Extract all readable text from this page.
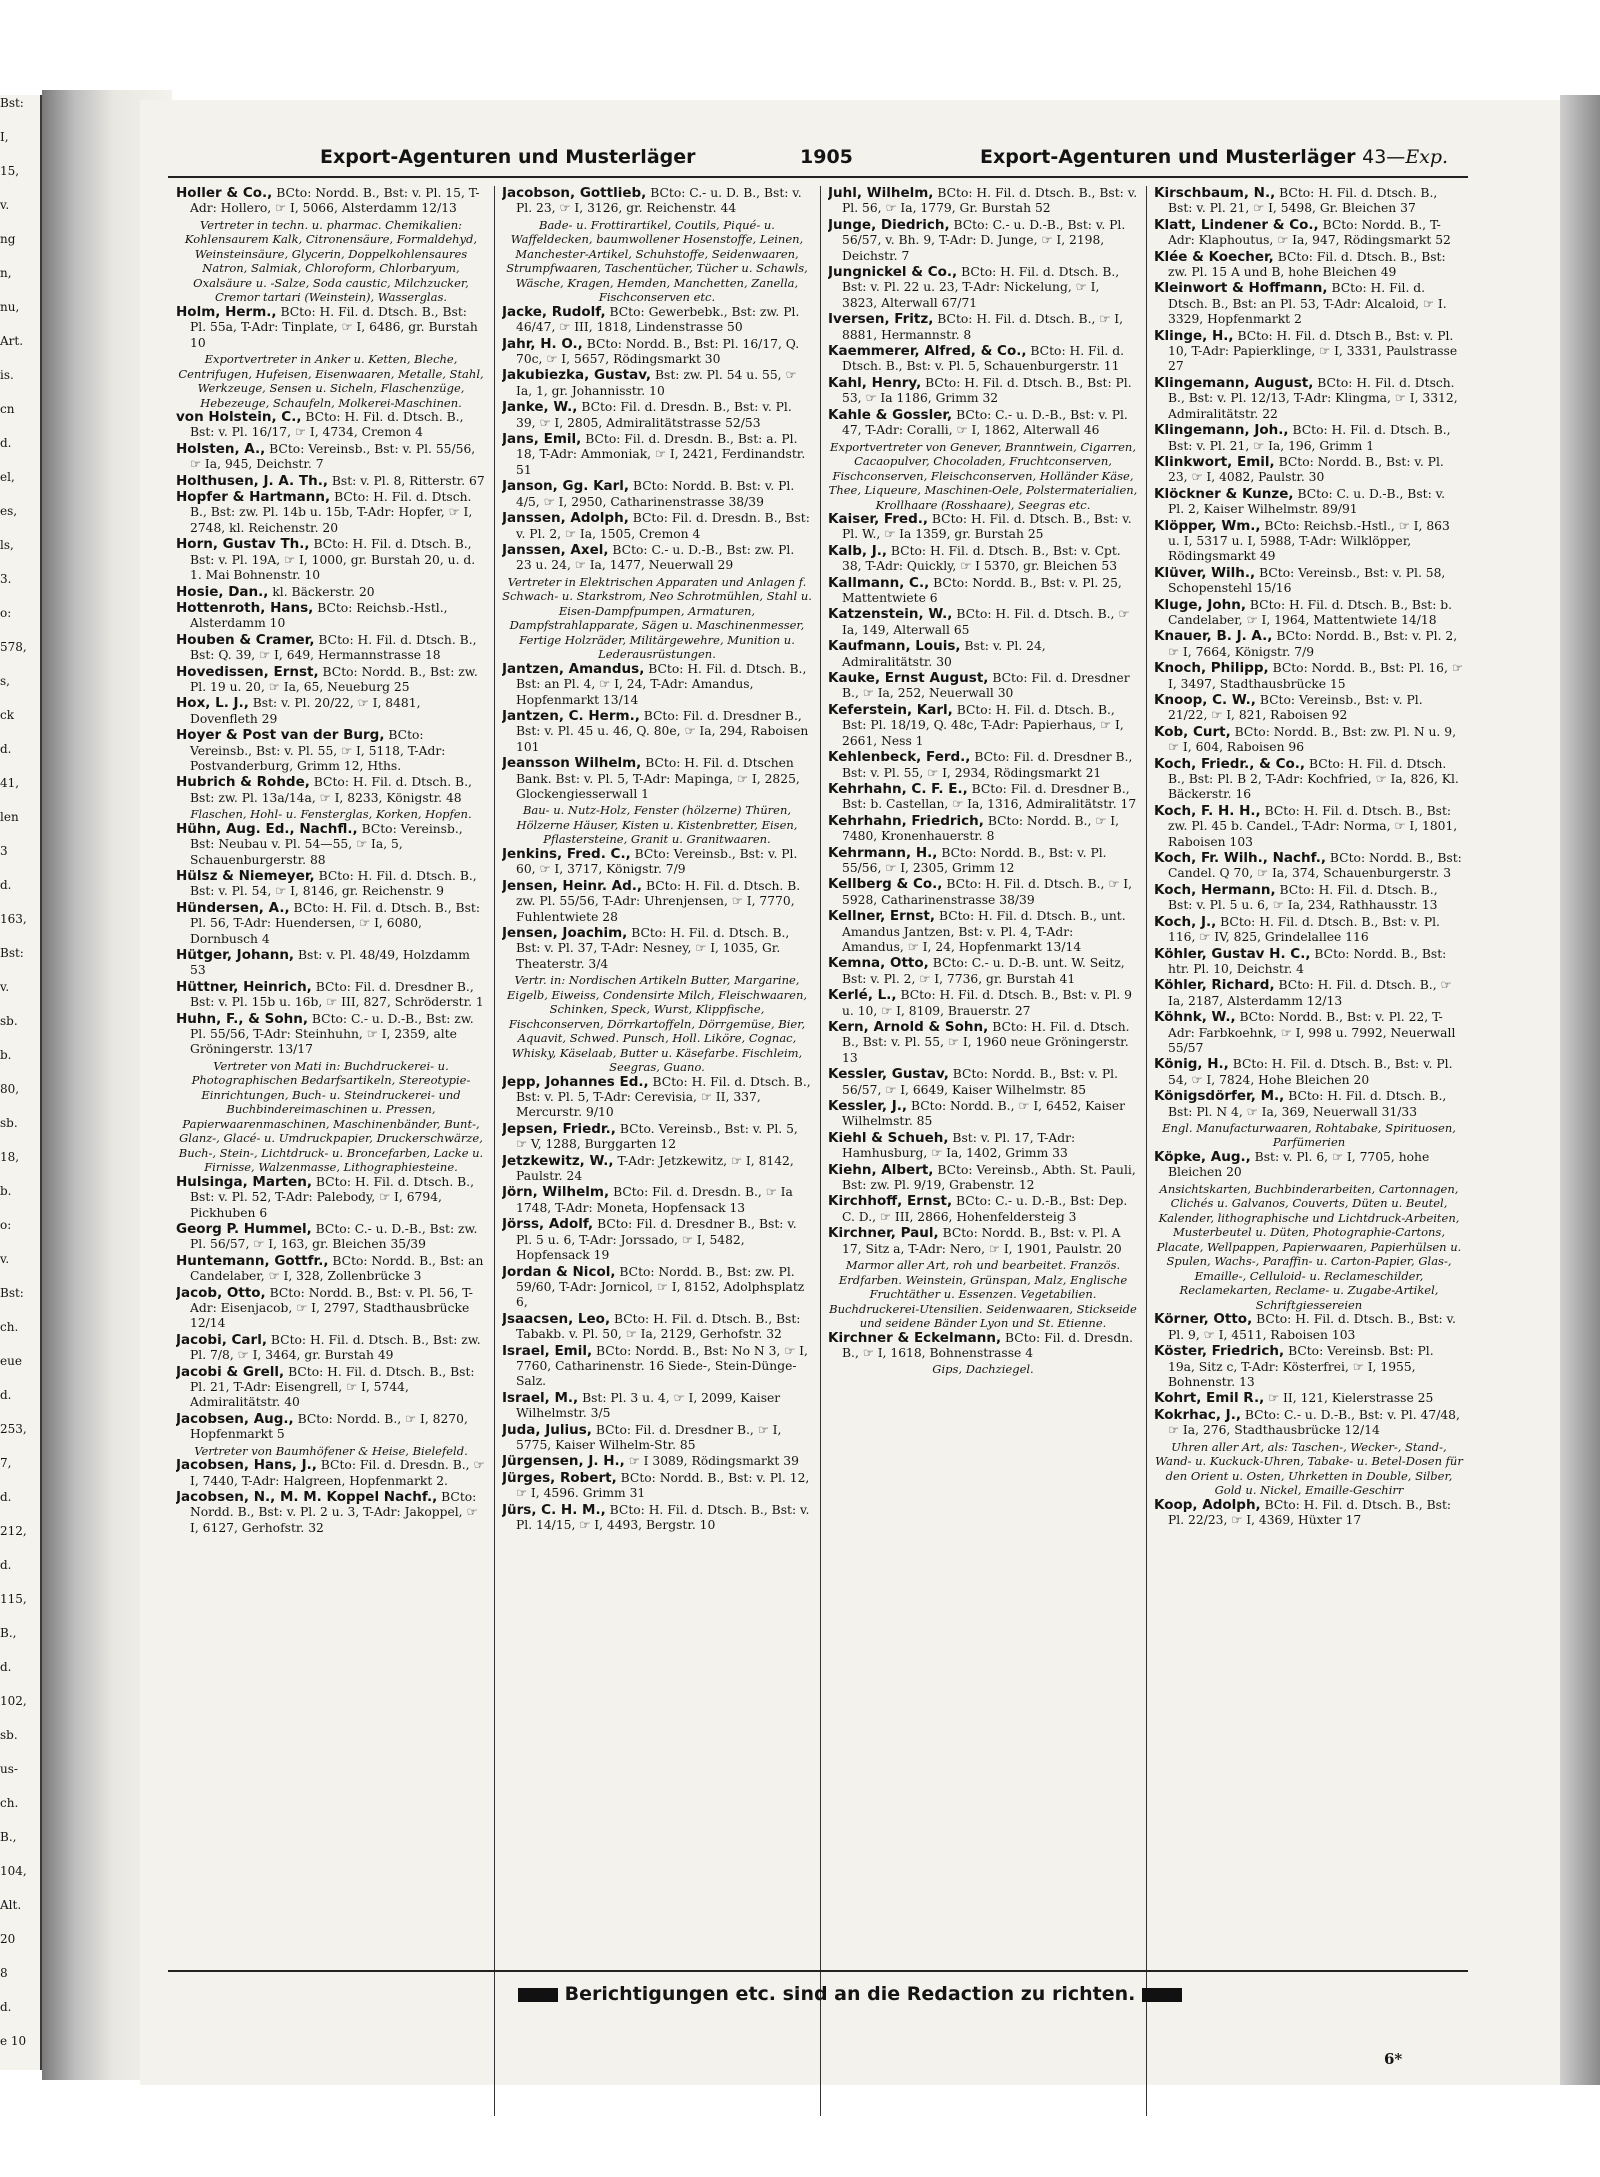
Bst:
I,
15,
v.
ng
n,
nu,
Art.
is.
cn
d.
el,
es,
ls,
3.
o:
578,
s,
ck
d.
41,
len
3
d.
163,
Bst:
v.
sb.
b.
80,
sb.
18,
b.
o:
v.
Bst:
ch.
eue
d.
253,
7,
d.
212,
d.
115,
B.,
d.
102,
sb.
us-
ch.
B.,
104,
Alt.
20
8
d.
e 10
Export-Agenturen und Musterläger	1905	Export-Agenturen und Musterläger 43—Exp.
Holler & Co., BCto: Nordd. B., Bst: v. Pl. 15, T-Adr: Hollero, ☞ I, 5066, Alsterdamm 12/13
Vertreter in techn. u. pharmac. Chemikalien: Kohlensaurem Kalk, Citronensäure, Formaldehyd, Weinsteinsäure, Glycerin, Doppelkohlensaures Natron, Salmiak, Chloroform, Chlorbaryum, Oxalsäure u. -Salze, Soda caustic, Milchzucker, Cremor tartari (Weinstein), Wasserglas.
Holm, Herm., BCto: H. Fil. d. Dtsch. B., Bst: Pl. 55a, T-Adr: Tinplate, ☞ I, 6486, gr. Burstah 10
Exportvertreter in Anker u. Ketten, Bleche, Centrifugen, Hufeisen, Eisenwaaren, Metalle, Stahl, Werkzeuge, Sensen u. Sicheln, Flaschenzüge, Hebezeuge, Schaufeln, Molkerei-Maschinen.
von Holstein, C., BCto: H. Fil. d. Dtsch. B., Bst: v. Pl. 16/17, ☞ I, 4734, Cremon 4
Holsten, A., BCto: Vereinsb., Bst: v. Pl. 55/56, ☞ Ia, 945, Deichstr. 7
Holthusen, J. A. Th., Bst: v. Pl. 8, Ritterstr. 67
Hopfer & Hartmann, BCto: H. Fil. d. Dtsch. B., Bst: zw. Pl. 14b u. 15b, T-Adr: Hopfer, ☞ I, 2748, kl. Reichenstr. 20
Horn, Gustav Th., BCto: H. Fil. d. Dtsch. B., Bst: v. Pl. 19A, ☞ I, 1000, gr. Burstah 20, u. d. 1. Mai Bohnenstr. 10
Hosie, Dan., kl. Bäckerstr. 20
Hottenroth, Hans, BCto: Reichsb.-Hstl., Alsterdamm 10
Houben & Cramer, BCto: H. Fil. d. Dtsch. B., Bst: Q. 39, ☞ I, 649, Hermannstrasse 18
Hovedissen, Ernst, BCto: Nordd. B., Bst: zw. Pl. 19 u. 20, ☞ Ia, 65, Neueburg 25
Hox, L. J., Bst: v. Pl. 20/22, ☞ I, 8481, Dovenfleth 29
Hoyer & Post van der Burg, BCto: Vereinsb., Bst: v. Pl. 55, ☞ I, 5118, T-Adr: Postvanderburg, Grimm 12, Hths.
Hubrich & Rohde, BCto: H. Fil. d. Dtsch. B., Bst: zw. Pl. 13a/14a, ☞ I, 8233, Königstr. 48
Flaschen, Hohl- u. Fensterglas, Korken, Hopfen.
Hühn, Aug. Ed., Nachfl., BCto: Vereinsb., Bst: Neubau v. Pl. 54—55, ☞ Ia, 5, Schauenburgerstr. 88
Hülsz & Niemeyer, BCto: H. Fil. d. Dtsch. B., Bst: v. Pl. 54, ☞ I, 8146, gr. Reichenstr. 9
Hündersen, A., BCto: H. Fil. d. Dtsch. B., Bst: Pl. 56, T-Adr: Huendersen, ☞ I, 6080, Dornbusch 4
Hütger, Johann, Bst: v. Pl. 48/49, Holzdamm 53
Hüttner, Heinrich, BCto: Fil. d. Dresdner B., Bst: v. Pl. 15b u. 16b, ☞ III, 827, Schröderstr. 1
Huhn, F., & Sohn, BCto: C.- u. D.-B., Bst: zw. Pl. 55/56, T-Adr: Steinhuhn, ☞ I, 2359, alte Gröningerstr. 13/17
Vertreter von Mati in: Buchdruckerei- u. Photographischen Bedarfsartikeln, Stereotypie-Einrichtungen, Buch- u. Steindruckerei- und Buchbindereimaschinen u. Pressen, Papierwaarenmaschinen, Maschinenbänder, Bunt-, Glanz-, Glacé- u. Umdruckpapier, Druckerschwärze, Buch-, Stein-, Lichtdruck- u. Broncefarben, Lacke u. Firnisse, Walzenmasse, Lithographiesteine.
Hulsinga, Marten, BCto: H. Fil. d. Dtsch. B., Bst: v. Pl. 52, T-Adr: Palebody, ☞ I, 6794, Pickhuben 6
Georg P. Hummel, BCto: C.- u. D.-B., Bst: zw. Pl. 56/57, ☞ I, 163, gr. Bleichen 35/39
Huntemann, Gottfr., BCto: Nordd. B., Bst: an Candelaber, ☞ I, 328, Zollenbrücke 3
Jacob, Otto, BCto: Nordd. B., Bst: v. Pl. 56, T-Adr: Eisenjacob, ☞ I, 2797, Stadthausbrücke 12/14
Jacobi, Carl, BCto: H. Fil. d. Dtsch. B., Bst: zw. Pl. 7/8, ☞ I, 3464, gr. Burstah 49
Jacobi & Grell, BCto: H. Fil. d. Dtsch. B., Bst: Pl. 21, T-Adr: Eisengrell, ☞ I, 5744, Admiralitätstr. 40
Jacobsen, Aug., BCto: Nordd. B., ☞ I, 8270, Hopfenmarkt 5
Vertreter von Baumhöfener & Heise, Bielefeld.
Jacobsen, Hans, J., BCto: Fil. d. Dresdn. B., ☞ I, 7440, T-Adr: Halgreen, Hopfenmarkt 2.
Jacobsen, N., M. M. Koppel Nachf., BCto: Nordd. B., Bst: v. Pl. 2 u. 3, T-Adr: Jakoppel, ☞ I, 6127, Gerhofstr. 32
Jacobson, Gottlieb, BCto: C.- u. D. B., Bst: v. Pl. 23, ☞ I, 3126, gr. Reichenstr. 44
Bade- u. Frottirartikel, Coutils, Piqué- u. Waffeldecken, baumwollener Hosenstoffe, Leinen, Manchester-Artikel, Schuhstoffe, Seidenwaaren, Strumpfwaaren, Taschentücher, Tücher u. Schawls, Wäsche, Kragen, Hemden, Manchetten, Zanella, Fischconserven etc.
Jacke, Rudolf, BCto: Gewerbebk., Bst: zw. Pl. 46/47, ☞ III, 1818, Lindenstrasse 50
Jahr, H. O., BCto: Nordd. B., Bst: Pl. 16/17, Q. 70c, ☞ I, 5657, Rödingsmarkt 30
Jakubiezka, Gustav, Bst: zw. Pl. 54 u. 55, ☞ Ia, 1, gr. Johannisstr. 10
Janke, W., BCto: Fil. d. Dresdn. B., Bst: v. Pl. 39, ☞ I, 2805, Admiralitätstrasse 52/53
Jans, Emil, BCto: Fil. d. Dresdn. B., Bst: a. Pl. 18, T-Adr: Ammoniak, ☞ I, 2421, Ferdinandstr. 51
Janson, Gg. Karl, BCto: Nordd. B. Bst: v. Pl. 4/5, ☞ I, 2950, Catharinenstrasse 38/39
Janssen, Adolph, BCto: Fil. d. Dresdn. B., Bst: v. Pl. 2, ☞ Ia, 1505, Cremon 4
Janssen, Axel, BCto: C.- u. D.-B., Bst: zw. Pl. 23 u. 24, ☞ Ia, 1477, Neuerwall 29
Vertreter in Elektrischen Apparaten und Anlagen f. Schwach- u. Starkstrom, Neo Schrotmühlen, Stahl u. Eisen-Dampfpumpen, Armaturen, Dampfstrahlapparate, Sägen u. Maschinenmesser, Fertige Holzräder, Militärgewehre, Munition u. Lederausrüstungen.
Jantzen, Amandus, BCto: H. Fil. d. Dtsch. B., Bst: an Pl. 4, ☞ I, 24, T-Adr: Amandus, Hopfenmarkt 13/14
Jantzen, C. Herm., BCto: Fil. d. Dresdner B., Bst: v. Pl. 45 u. 46, Q. 80e, ☞ Ia, 294, Raboisen 101
Jeansson Wilhelm, BCto: H. Fil. d. Dtschen Bank. Bst: v. Pl. 5, T-Adr: Mapinga, ☞ I, 2825, Glockengiesserwall 1
Bau- u. Nutz-Holz, Fenster (hölzerne) Thüren, Hölzerne Häuser, Kisten u. Kistenbretter, Eisen, Pflastersteine, Granit u. Granitwaaren.
Jenkins, Fred. C., BCto: Vereinsb., Bst: v. Pl. 60, ☞ I, 3717, Königstr. 7/9
Jensen, Heinr. Ad., BCto: H. Fil. d. Dtsch. B. zw. Pl. 55/56, T-Adr: Uhrenjensen, ☞ I, 7770, Fuhlentwiete 28
Jensen, Joachim, BCto: H. Fil. d. Dtsch. B., Bst: v. Pl. 37, T-Adr: Nesney, ☞ I, 1035, Gr. Theaterstr. 3/4
Vertr. in: Nordischen Artikeln Butter, Margarine, Eigelb, Eiweiss, Condensirte Milch, Fleischwaaren, Schinken, Speck, Wurst, Klippfische, Fischconserven, Dörrkartoffeln, Dörrgemüse, Bier, Aquavit, Schwed. Punsch, Holl. Liköre, Cognac, Whisky, Käselaab, Butter u. Käsefarbe. Fischleim, Seegras, Guano.
Jepp, Johannes Ed., BCto: H. Fil. d. Dtsch. B., Bst: v. Pl. 5, T-Adr: Cerevisia, ☞ II, 337, Mercurstr. 9/10
Jepsen, Friedr., BCto. Vereinsb., Bst: v. Pl. 5, ☞ V, 1288, Burggarten 12
Jetzkewitz, W., T-Adr: Jetzkewitz, ☞ I, 8142, Paulstr. 24
Jörn, Wilhelm, BCto: Fil. d. Dresdn. B., ☞ Ia 1748, T-Adr: Moneta, Hopfensack 13
Jörss, Adolf, BCto: Fil. d. Dresdner B., Bst: v. Pl. 5 u. 6, T-Adr: Jorssado, ☞ I, 5482, Hopfensack 19
Jordan & Nicol, BCto: Nordd. B., Bst: zw. Pl. 59/60, T-Adr: Jornicol, ☞ I, 8152, Adolphsplatz 6,
Jsaacsen, Leo, BCto: H. Fil. d. Dtsch. B., Bst: Tabakb. v. Pl. 50, ☞ Ia, 2129, Gerhofstr. 32
Israel, Emil, BCto: Nordd. B., Bst: No N 3, ☞ I, 7760, Catharinenstr. 16 Siede-, Stein-Dünge-Salz.
Israel, M., Bst: Pl. 3 u. 4, ☞ I, 2099, Kaiser Wilhelmstr. 3/5
Juda, Julius, BCto: Fil. d. Dresdner B., ☞ I, 5775, Kaiser Wilhelm-Str. 85
Jürgensen, J. H., ☞ I 3089, Rödingsmarkt 39
Jürges, Robert, BCto: Nordd. B., Bst: v. Pl. 12, ☞ I, 4596. Grimm 31
Jürs, C. H. M., BCto: H. Fil. d. Dtsch. B., Bst: v. Pl. 14/15, ☞ I, 4493, Bergstr. 10
Juhl, Wilhelm, BCto: H. Fil. d. Dtsch. B., Bst: v. Pl. 56, ☞ Ia, 1779, Gr. Burstah 52
Junge, Diedrich, BCto: C.- u. D.-B., Bst: v. Pl. 56/57, v. Bh. 9, T-Adr: D. Junge, ☞ I, 2198, Deichstr. 7
Jungnickel & Co., BCto: H. Fil. d. Dtsch. B., Bst: v. Pl. 22 u. 23, T-Adr: Nickelung, ☞ I, 3823, Alterwall 67/71
Iversen, Fritz, BCto: H. Fil. d. Dtsch. B., ☞ I, 8881, Hermannstr. 8
Kaemmerer, Alfred, & Co., BCto: H. Fil. d. Dtsch. B., Bst: v. Pl. 5, Schauenburgerstr. 11
Kahl, Henry, BCto: H. Fil. d. Dtsch. B., Bst: Pl. 53, ☞ Ia 1186, Grimm 32
Kahle & Gossler, BCto: C.- u. D.-B., Bst: v. Pl. 47, T-Adr: Coralli, ☞ I, 1862, Alterwall 46
Exportvertreter von Genever, Branntwein, Cigarren, Cacaopulver, Chocoladen, Fruchtconserven, Fischconserven, Fleischconserven, Holländer Käse, Thee, Liqueure, Maschinen-Oele, Polstermaterialien, Krollhaare (Rosshaare), Seegras etc.
Kaiser, Fred., BCto: H. Fil. d. Dtsch. B., Bst: v. Pl. W., ☞ Ia 1359, gr. Burstah 25
Kalb, J., BCto: H. Fil. d. Dtsch. B., Bst: v. Cpt. 38, T-Adr: Quickly, ☞ I 5370, gr. Bleichen 53
Kallmann, C., BCto: Nordd. B., Bst: v. Pl. 25, Mattentwiete 6
Katzenstein, W., BCto: H. Fil. d. Dtsch. B., ☞ Ia, 149, Alterwall 65
Kaufmann, Louis, Bst: v. Pl. 24, Admiralitätstr. 30
Kauke, Ernst August, BCto: Fil. d. Dresdner B., ☞ Ia, 252, Neuerwall 30
Keferstein, Karl, BCto: H. Fil. d. Dtsch. B., Bst: Pl. 18/19, Q. 48c, T-Adr: Papierhaus, ☞ I, 2661, Ness 1
Kehlenbeck, Ferd., BCto: Fil. d. Dresdner B., Bst: v. Pl. 55, ☞ I, 2934, Rödingsmarkt 21
Kehrhahn, C. F. E., BCto: Fil. d. Dresdner B., Bst: b. Castellan, ☞ Ia, 1316, Admiralitätstr. 17
Kehrhahn, Friedrich, BCto: Nordd. B., ☞ I, 7480, Kronenhauerstr. 8
Kehrmann, H., BCto: Nordd. B., Bst: v. Pl. 55/56, ☞ I, 2305, Grimm 12
Kellberg & Co., BCto: H. Fil. d. Dtsch. B., ☞ I, 5928, Catharinenstrasse 38/39
Kellner, Ernst, BCto: H. Fil. d. Dtsch. B., unt. Amandus Jantzen, Bst: v. Pl. 4, T-Adr: Amandus, ☞ I, 24, Hopfenmarkt 13/14
Kemna, Otto, BCto: C.- u. D.-B. unt. W. Seitz, Bst: v. Pl. 2, ☞ I, 7736, gr. Burstah 41
Kerlé, L., BCto: H. Fil. d. Dtsch. B., Bst: v. Pl. 9 u. 10, ☞ I, 8109, Brauerstr. 27
Kern, Arnold & Sohn, BCto: H. Fil. d. Dtsch. B., Bst: v. Pl. 55, ☞ I, 1960 neue Gröningerstr. 13
Kessler, Gustav, BCto: Nordd. B., Bst: v. Pl. 56/57, ☞ I, 6649, Kaiser Wilhelmstr. 85
Kessler, J., BCto: Nordd. B., ☞ I, 6452, Kaiser Wilhelmstr. 85
Kiehl & Schueh, Bst: v. Pl. 17, T-Adr: Hamhusburg, ☞ Ia, 1402, Grimm 33
Kiehn, Albert, BCto: Vereinsb., Abth. St. Pauli, Bst: zw. Pl. 9/19, Grabenstr. 12
Kirchhoff, Ernst, BCto: C.- u. D.-B., Bst: Dep. C. D., ☞ III, 2866, Hohenfeldersteig 3
Kirchner, Paul, BCto: Nordd. B., Bst: v. Pl. A 17, Sitz a, T-Adr: Nero, ☞ I, 1901, Paulstr. 20
Marmor aller Art, roh und bearbeitet. Französ. Erdfarben. Weinstein, Grünspan, Malz, Englische Fruchtäther u. Essenzen. Vegetabilien. Buchdruckerei-Utensilien. Seidenwaaren, Stickseide und seidene Bänder Lyon und St. Etienne.
Kirchner & Eckelmann, BCto: Fil. d. Dresdn. B., ☞ I, 1618, Bohnenstrasse 4
Gips, Dachziegel.
Kirschbaum, N., BCto: H. Fil. d. Dtsch. B., Bst: v. Pl. 21, ☞ I, 5498, Gr. Bleichen 37
Klatt, Lindener & Co., BCto: Nordd. B., T-Adr: Klaphoutus, ☞ Ia, 947, Rödingsmarkt 52
Klée & Koecher, BCto: Fil. d. Dtsch. B., Bst: zw. Pl. 15 A und B, hohe Bleichen 49
Kleinwort & Hoffmann, BCto: H. Fil. d. Dtsch. B., Bst: an Pl. 53, T-Adr: Alcaloid, ☞ I. 3329, Hopfenmarkt 2
Klinge, H., BCto: H. Fil. d. Dtsch B., Bst: v. Pl. 10, T-Adr: Papierklinge, ☞ I, 3331, Paulstrasse 27
Klingemann, August, BCto: H. Fil. d. Dtsch. B., Bst: v. Pl. 12/13, T-Adr: Klingma, ☞ I, 3312, Admiralitätstr. 22
Klingemann, Joh., BCto: H. Fil. d. Dtsch. B., Bst: v. Pl. 21, ☞ Ia, 196, Grimm 1
Klinkwort, Emil, BCto: Nordd. B., Bst: v. Pl. 23, ☞ I, 4082, Paulstr. 30
Klöckner & Kunze, BCto: C. u. D.-B., Bst: v. Pl. 2, Kaiser Wilhelmstr. 89/91
Klöpper, Wm., BCto: Reichsb.-Hstl., ☞ I, 863 u. I, 5317 u. I, 5988, T-Adr: Wilklöpper, Rödingsmarkt 49
Klüver, Wilh., BCto: Vereinsb., Bst: v. Pl. 58, Schopenstehl 15/16
Kluge, John, BCto: H. Fil. d. Dtsch. B., Bst: b. Candelaber, ☞ I, 1964, Mattentwiete 14/18
Knauer, B. J. A., BCto: Nordd. B., Bst: v. Pl. 2, ☞ I, 7664, Königstr. 7/9
Knoch, Philipp, BCto: Nordd. B., Bst: Pl. 16, ☞ I, 3497, Stadthausbrücke 15
Knoop, C. W., BCto: Vereinsb., Bst: v. Pl. 21/22, ☞ I, 821, Raboisen 92
Kob, Curt, BCto: Nordd. B., Bst: zw. Pl. N u. 9, ☞ I, 604, Raboisen 96
Koch, Friedr., & Co., BCto: H. Fil. d. Dtsch. B., Bst: Pl. B 2, T-Adr: Kochfried, ☞ Ia, 826, Kl. Bäckerstr. 16
Koch, F. H. H., BCto: H. Fil. d. Dtsch. B., Bst: zw. Pl. 45 b. Candel., T-Adr: Norma, ☞ I, 1801, Raboisen 103
Koch, Fr. Wilh., Nachf., BCto: Nordd. B., Bst: Candel. Q 70, ☞ Ia, 374, Schauenburgerstr. 3
Koch, Hermann, BCto: H. Fil. d. Dtsch. B., Bst: v. Pl. 5 u. 6, ☞ Ia, 234, Rathhausstr. 13
Koch, J., BCto: H. Fil. d. Dtsch. B., Bst: v. Pl. 116, ☞ IV, 825, Grindelallee 116
Köhler, Gustav H. C., BCto: Nordd. B., Bst: htr. Pl. 10, Deichstr. 4
Köhler, Richard, BCto: H. Fil. d. Dtsch. B., ☞ Ia, 2187, Alsterdamm 12/13
Köhnk, W., BCto: Nordd. B., Bst: v. Pl. 22, T-Adr: Farbkoehnk, ☞ I, 998 u. 7992, Neuerwall 55/57
König, H., BCto: H. Fil. d. Dtsch. B., Bst: v. Pl. 54, ☞ I, 7824, Hohe Bleichen 20
Königsdörfer, M., BCto: H. Fil. d. Dtsch. B., Bst: Pl. N 4, ☞ Ia, 369, Neuerwall 31/33
Engl. Manufacturwaaren, Rohtabake, Spirituosen, Parfümerien
Köpke, Aug., Bst: v. Pl. 6, ☞ I, 7705, hohe Bleichen 20
Ansichtskarten, Buchbinderarbeiten, Cartonnagen, Clichés u. Galvanos, Couverts, Düten u. Beutel, Kalender, lithographische und Lichtdruck-Arbeiten, Musterbeutel u. Düten, Photographie-Cartons, Placate, Wellpappen, Papierwaaren, Papierhülsen u. Spulen, Wachs-, Paraffin- u. Carton-Papier, Glas-, Emaille-, Celluloid- u. Reclameschilder, Reclamekarten, Reclame- u. Zugabe-Artikel, Schriftgiessereien
Körner, Otto, BCto: H. Fil. d. Dtsch. B., Bst: v. Pl. 9, ☞ I, 4511, Raboisen 103
Köster, Friedrich, BCto: Vereinsb. Bst: Pl. 19a, Sitz c, T-Adr: Kösterfrei, ☞ I, 1955, Bohnenstr. 13
Kohrt, Emil R., ☞ II, 121, Kielerstrasse 25
Kokrhac, J., BCto: C.- u. D.-B., Bst: v. Pl. 47/48, ☞ Ia, 276, Stadthausbrücke 12/14
Uhren aller Art, als: Taschen-, Wecker-, Stand-, Wand- u. Kuckuck-Uhren, Tabake- u. Betel-Dosen für den Orient u. Osten, Uhrketten in Double, Silber, Gold u. Nickel, Emaille-Geschirr
Koop, Adolph, BCto: H. Fil. d. Dtsch. B., Bst: Pl. 22/23, ☞ I, 4369, Hüxter 17
Berichtigungen etc. sind an die Redaction zu richten.
6*
